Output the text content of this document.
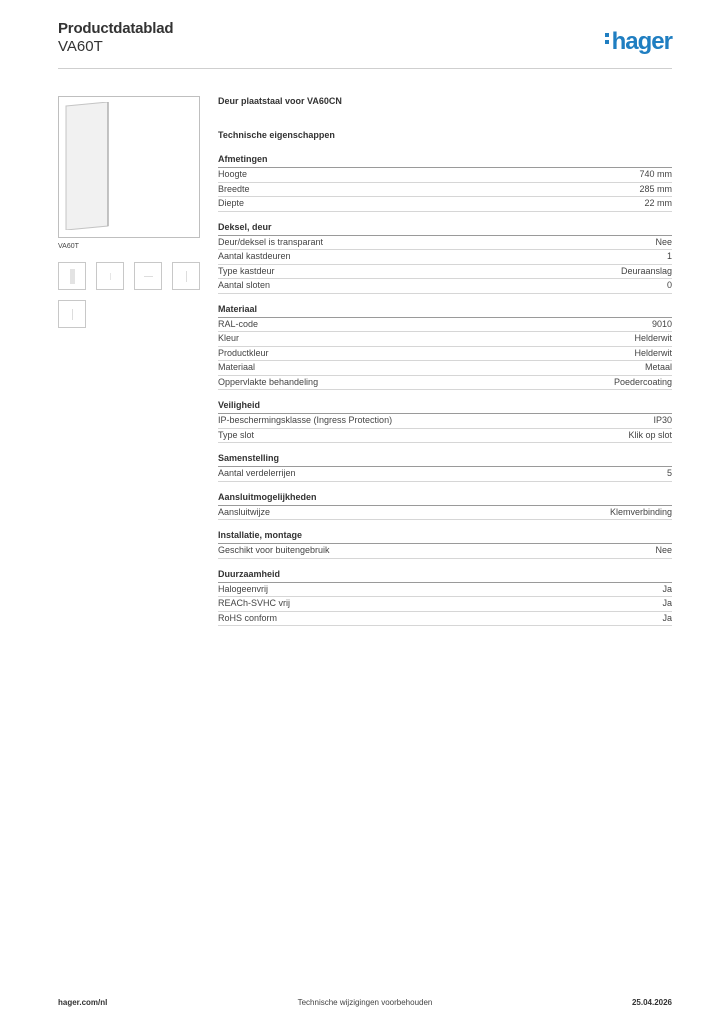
Productdatablad
VA60T	hager
VA60T
Deur plaatstaal voor VA60CN
Technische eigenschappen
Afmetingen
Hoogte	740 mm
Breedte	285 mm
Diepte	22 mm
Deksel, deur
Deur/deksel is transparant	Nee
Aantal kastdeuren	1
Type kastdeur	Deuraanslag
Aantal sloten	0
Materiaal
RAL-code	9010
Kleur	Helderwit
Productkleur	Helderwit
Materiaal	Metaal
Oppervlakte behandeling	Poedercoating
Veiligheid
IP-beschermingsklasse (Ingress Protection)	IP30
Type slot	Klik op slot
Samenstelling
Aantal verdelerrijen	5
Aansluitmogelijkheden
Aansluitwijze	Klemverbinding
Installatie, montage
Geschikt voor buitengebruik	Nee
Duurzaamheid
Halogeenvrij	Ja
REACh-SVHC vrij	Ja
RoHS conform	Ja
hager.com/nl	Technische wijzigingen voorbehouden	25.04.2026
